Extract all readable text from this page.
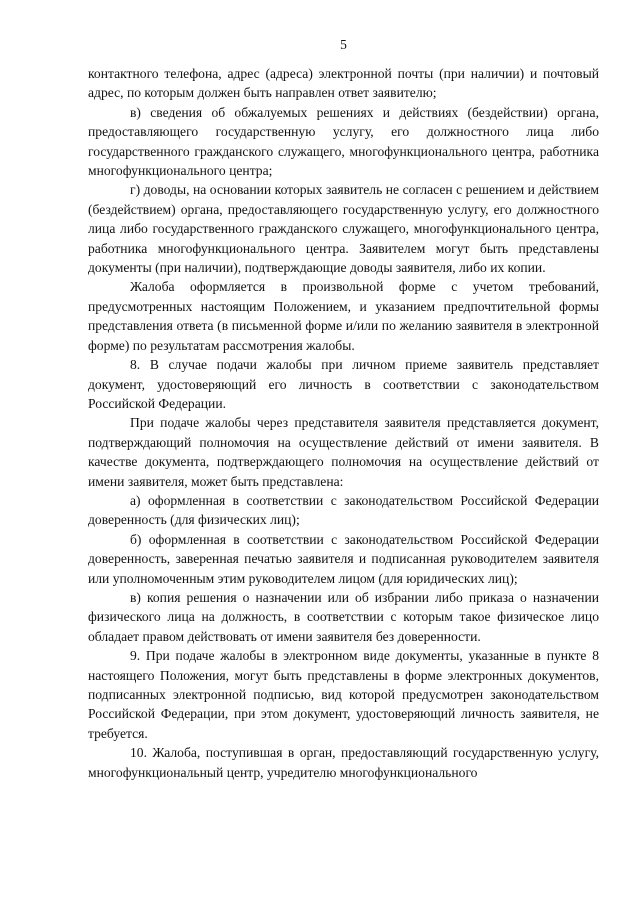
5

контактного телефона, адрес (адреса) электронной почты (при наличии) и почтовый адрес, по которым должен быть направлен ответ заявителю;

в) сведения об обжалуемых решениях и действиях (бездействии) органа, предоставляющего государственную услугу, его должностного лица либо государственного гражданского служащего, многофункционального центра, работника многофункционального центра;

г) доводы, на основании которых заявитель не согласен с решением и действием (бездействием) органа, предоставляющего государственную услугу, его должностного лица либо государственного гражданского служащего, многофункционального центра, работника многофункционального центра. Заявителем могут быть представлены документы (при наличии), подтверждающие доводы заявителя, либо их копии.

Жалоба оформляется в произвольной форме с учетом требований, предусмотренных настоящим Положением, и указанием предпочтительной формы представления ответа (в письменной форме и/или по желанию заявителя в электронной форме) по результатам рассмотрения жалобы.

8. В случае подачи жалобы при личном приеме заявитель представляет документ, удостоверяющий его личность в соответствии с законодательством Российской Федерации.

При подаче жалобы через представителя заявителя представляется документ, подтверждающий полномочия на осуществление действий от имени заявителя. В качестве документа, подтверждающего полномочия на осуществление действий от имени заявителя, может быть представлена:

а) оформленная в соответствии с законодательством Российской Федерации доверенность (для физических лиц);

б) оформленная в соответствии с законодательством Российской Федерации доверенность, заверенная печатью заявителя и подписанная руководителем заявителя или уполномоченным этим руководителем лицом (для юридических лиц);

в) копия решения о назначении или об избрании либо приказа о назначении физического лица на должность, в соответствии с которым такое физическое лицо обладает правом действовать от имени заявителя без доверенности.

9. При подаче жалобы в электронном виде документы, указанные в пункте 8 настоящего Положения, могут быть представлены в форме электронных документов, подписанных электронной подписью, вид которой предусмотрен законодательством Российской Федерации, при этом документ, удостоверяющий личность заявителя, не требуется.

10. Жалоба, поступившая в орган, предоставляющий государственную услугу, многофункциональный центр, учредителю многофункционального
